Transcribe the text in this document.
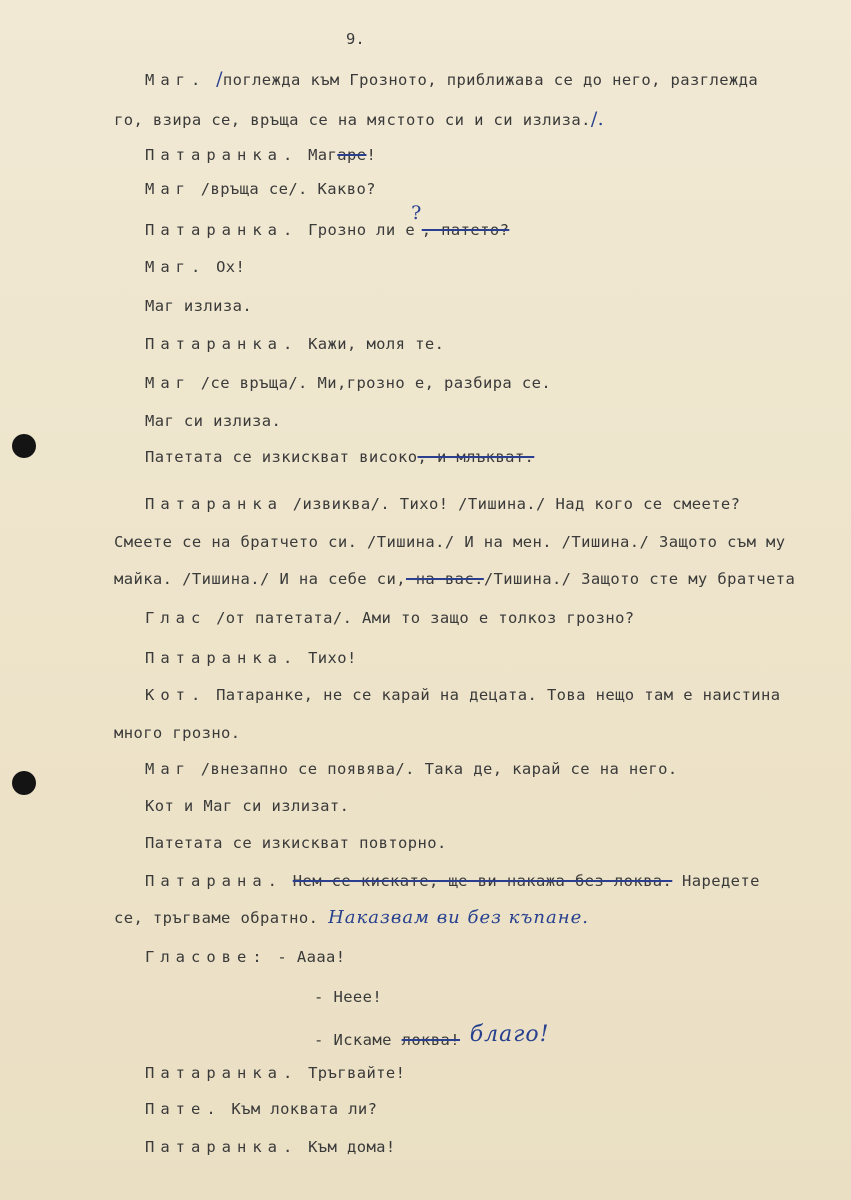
9.
Маг. /поглежда към Грозното, приближава се до него, разглежда
го, взира се, връща се на мястото си и си излиза./.
Патаранка. Магаре!
Маг /връща се/. Какво?
Патаранка. Грозно ли е?, патето?
Маг. Ох!
Маг излиза.
Патаранка. Кажи, моля те.
Маг /се връща/. Ми,грозно е, разбира се.
Маг си излиза.
Патетата се изкискват високо, и млъкват.
Патаранка /извиква/. Тихо! /Тишина./ Над кого се смеете?
Смеете се на братчето си. /Тишина./ И на мен. /Тишина./ Защото съм му
майка. /Тишина./ И на себе си, на вас./Тишина./ Защото сте му братчета
Глас /от патетата/. Ами то защо е толкоз грозно?
Патаранка. Тихо!
Кот. Патаранке, не се карай на децата. Това нещо там е наистина
много грозно.
Маг /внезапно се появява/. Така де, карай се на него.
Кот и Маг си излизат.
Патетата се изкискват повторно.
Патарана. Нем се кискате, ще ви накажа без локва. Наредете
се, тръгваме обратно. Наказвам ви без къпане.
Гласове: - Аааа!
- Нееe!
- Искаме локва! благо!
Патаранка. Тръгвайте!
Пате. Към локвата ли?
Патаранка. Към дома!
